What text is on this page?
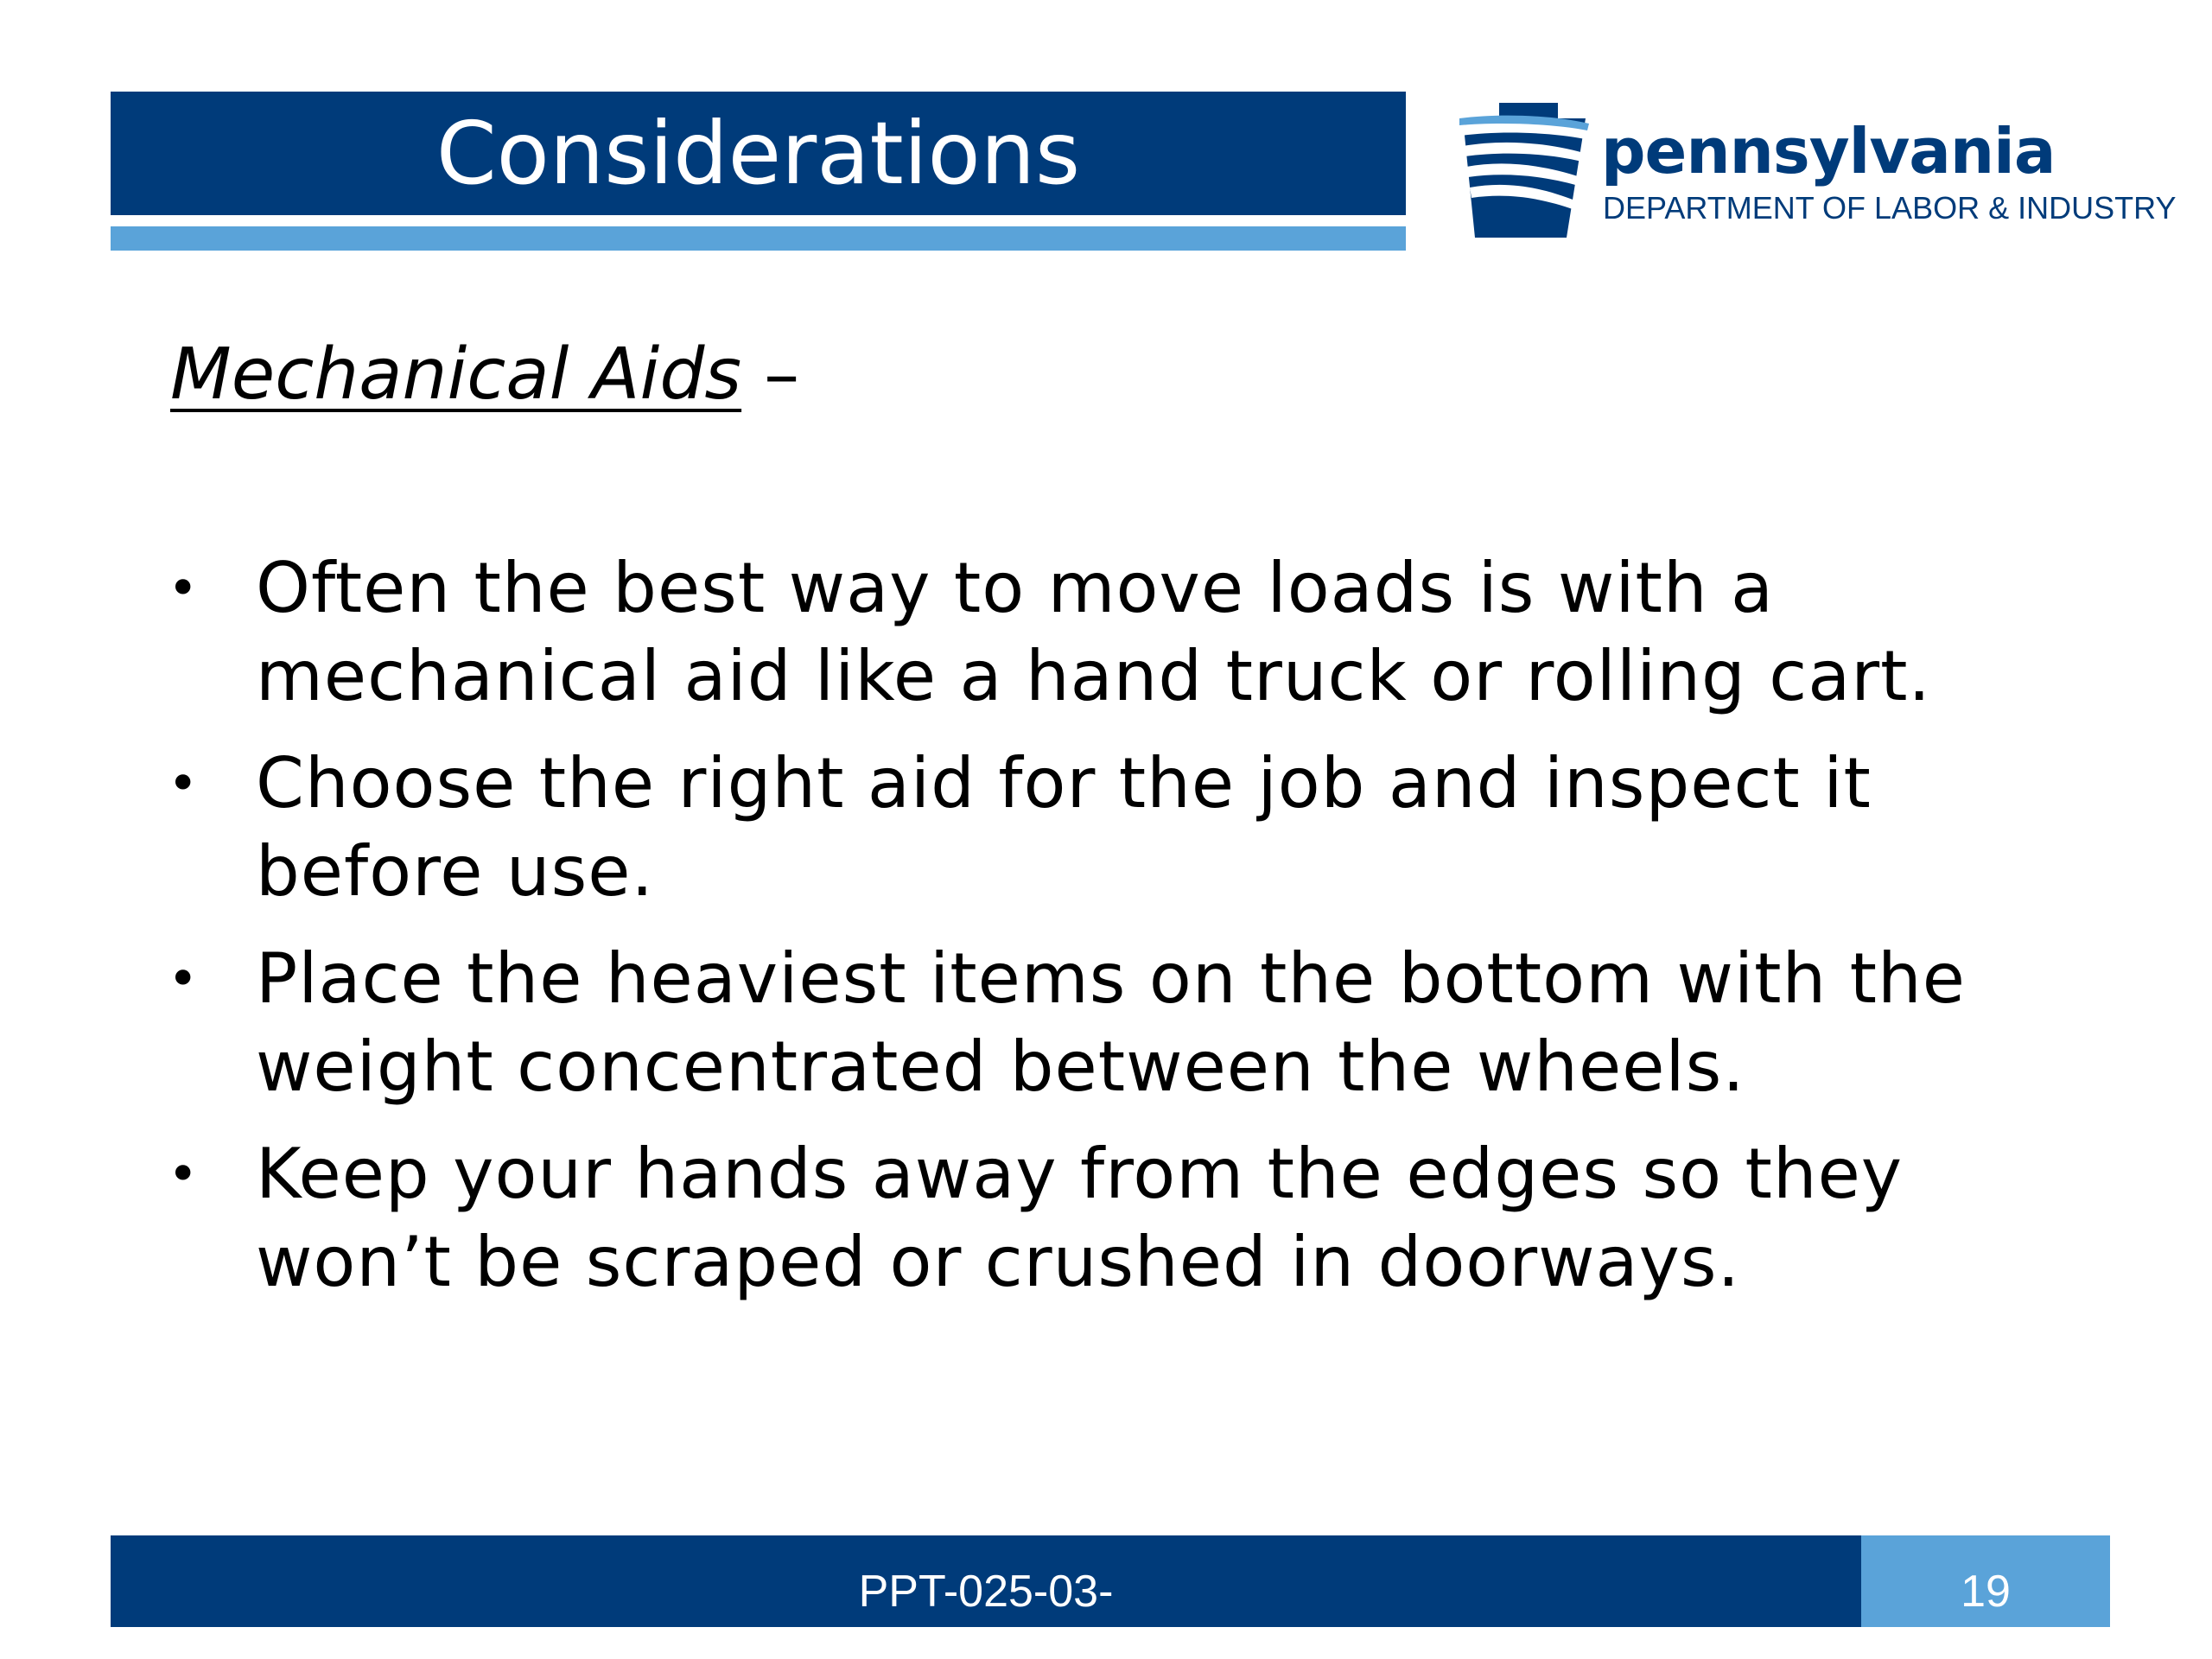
Considerations	pennsylvania
DEPARTMENT OF LABOR & INDUSTRY
Mechanical Aids –
• Often the best way to move loads is with a mechanical aid like a hand truck or rolling cart.
• Choose the right aid for the job and inspect it before use.
• Place the heaviest items on the bottom with the weight concentrated between the wheels.
• Keep your hands away from the edges so they won’t be scraped or crushed in doorways.
PPT-025-03-	19
